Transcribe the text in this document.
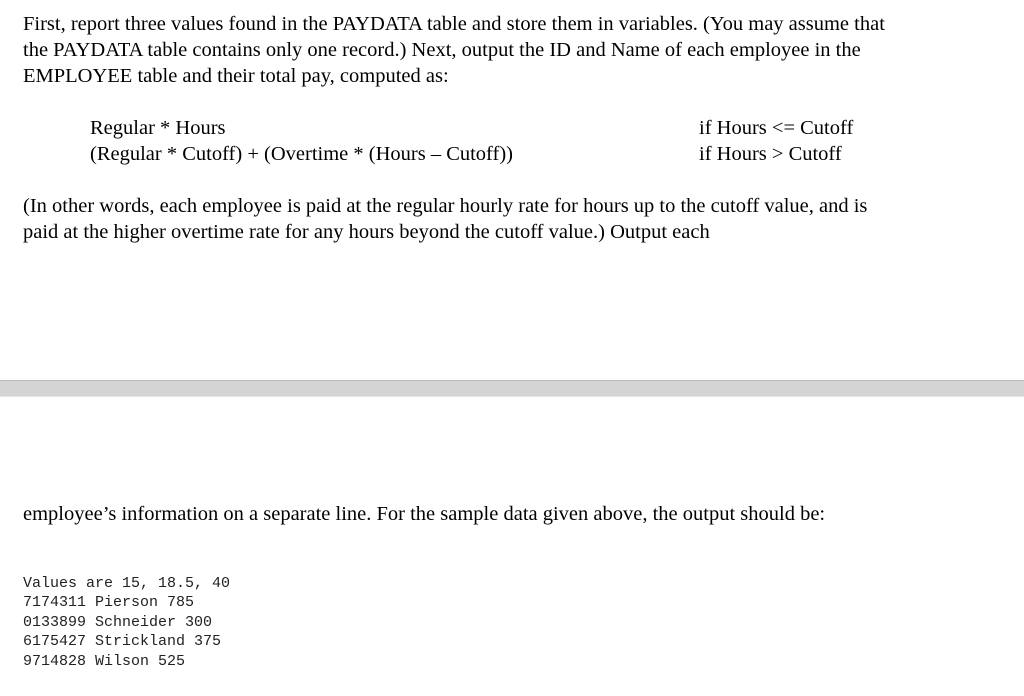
First, report three values found in the PAYDATA table and store them in variables. (You may assume that the PAYDATA table contains only one record.) Next, output the ID and Name of each employee in the EMPLOYEE table and their total pay, computed as:

Regular * Hours	if Hours <= Cutoff
(Regular * Cutoff) + (Overtime * (Hours – Cutoff))	if Hours > Cutoff

(In other words, each employee is paid at the regular hourly rate for hours up to the cutoff value, and is paid at the higher overtime rate for any hours beyond the cutoff value.) Output each

employee’s information on a separate line. For the sample data given above, the output should be:

Values are 15, 18.5, 40
7174311 Pierson 785
0133899 Schneider 300
6175427 Strickland 375
9714828 Wilson 525
